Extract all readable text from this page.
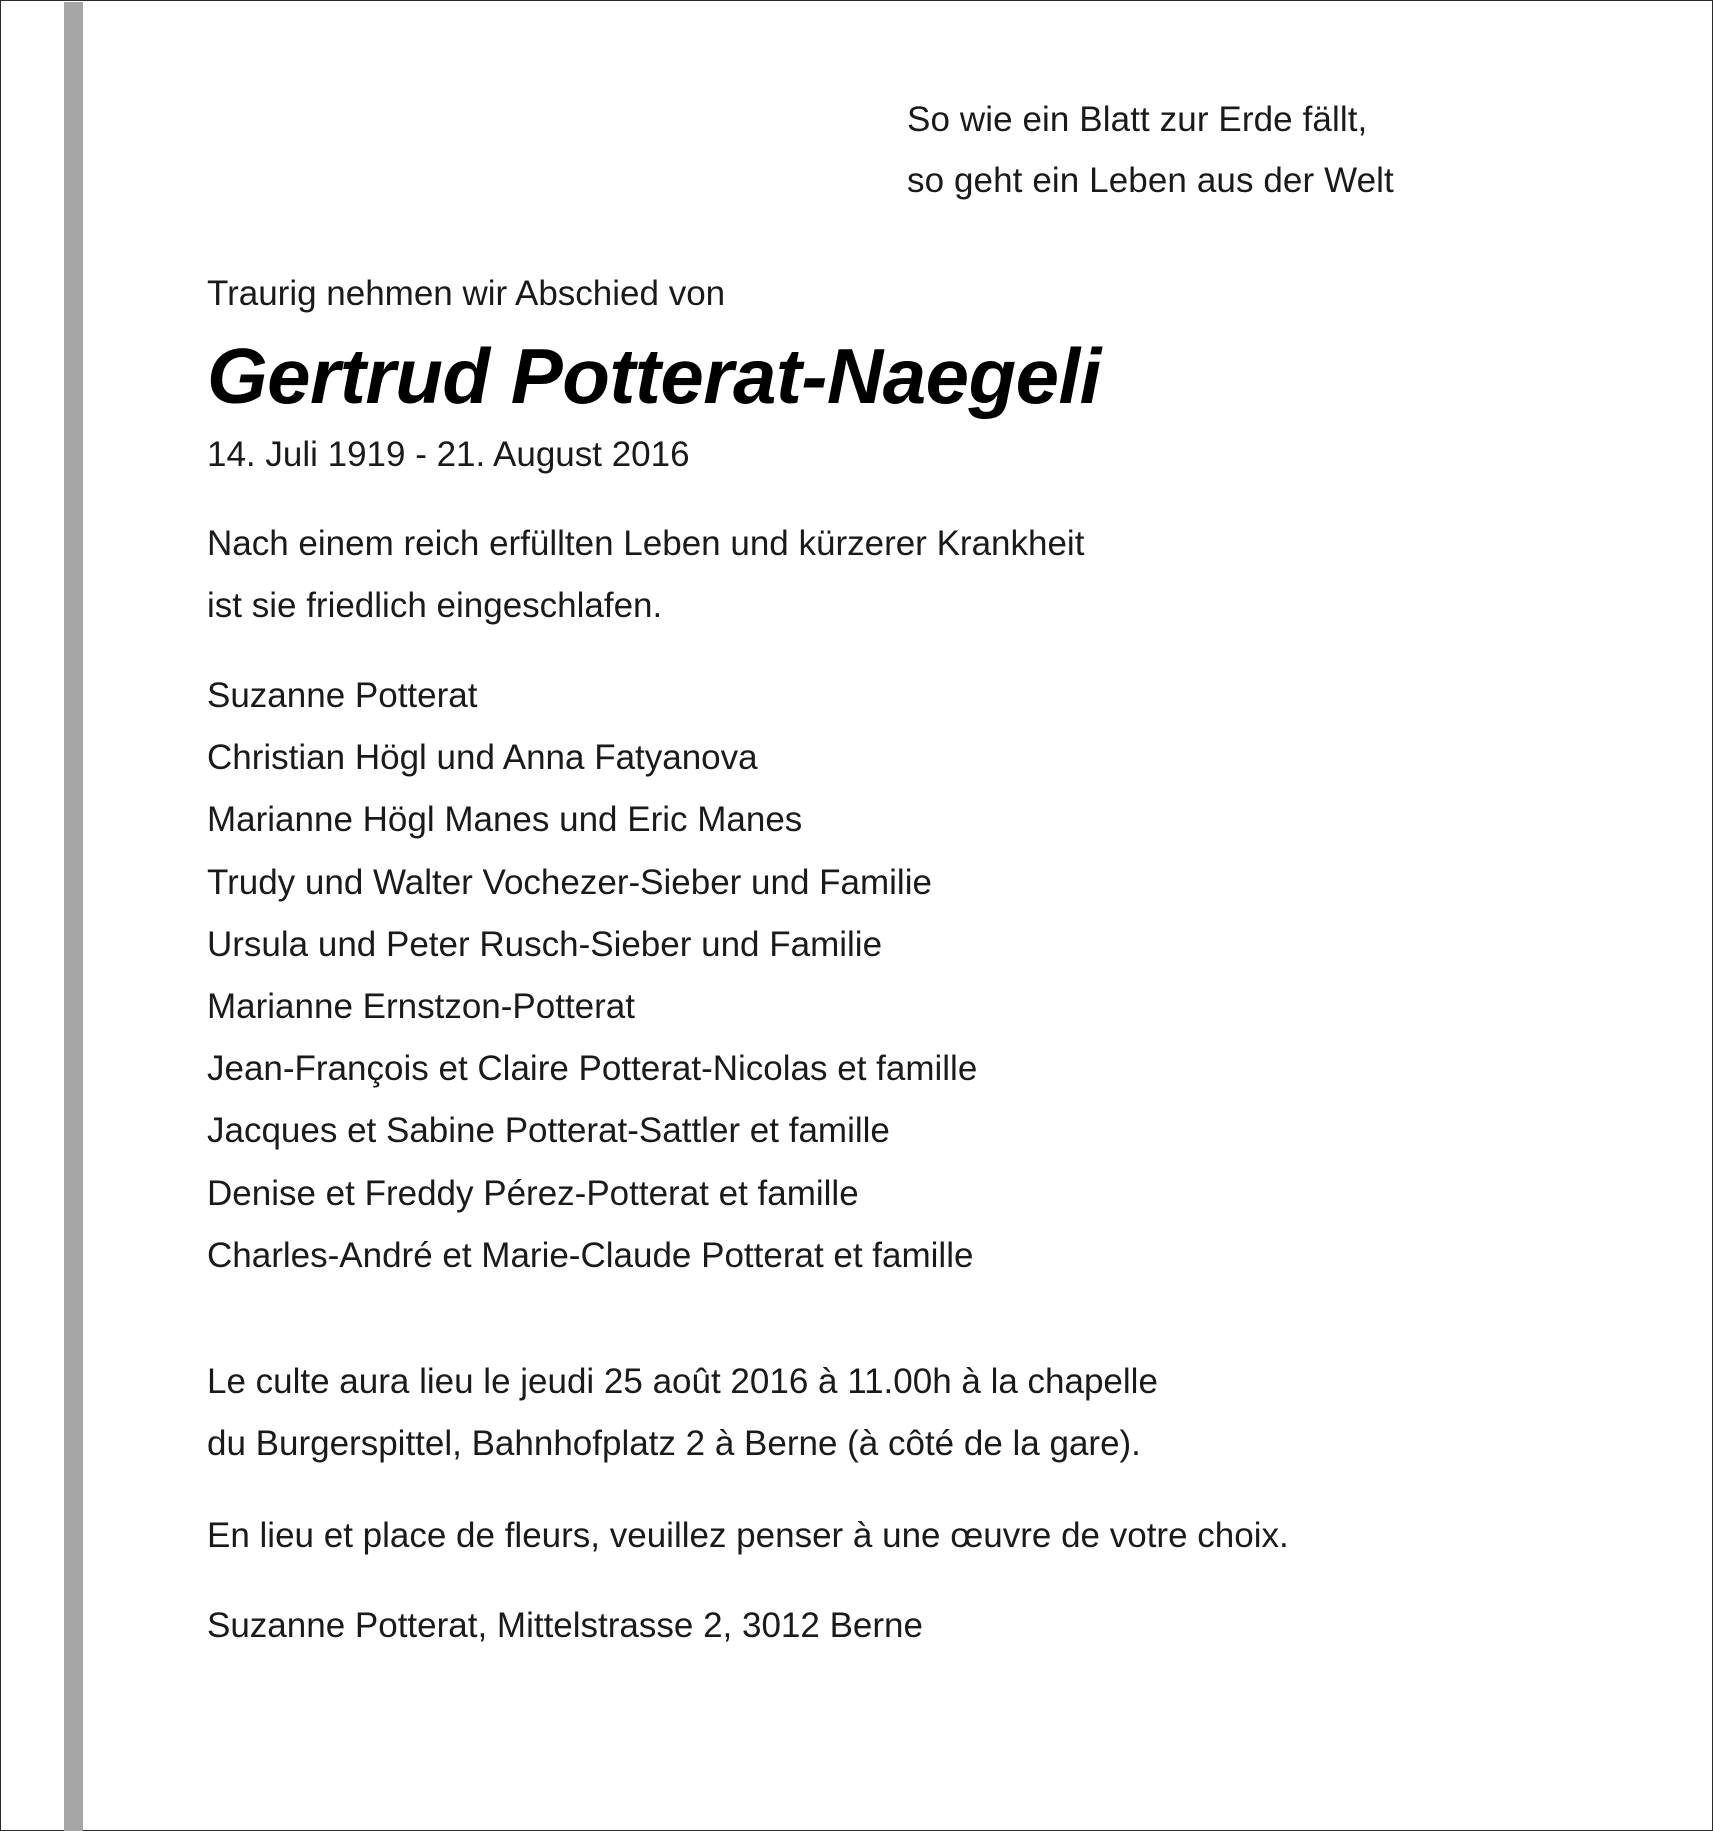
So wie ein Blatt zur Erde fällt,
so geht ein Leben aus der Welt

Traurig nehmen wir Abschied von

Gertrud Potterat-Naegeli

14. Juli 1919 - 21. August 2016

Nach einem reich erfüllten Leben und kürzerer Krankheit
ist sie friedlich eingeschlafen.
Suzanne Potterat
Christian Högl und Anna Fatyanova
Marianne Högl Manes und Eric Manes
Trudy und Walter Vochezer-Sieber und Familie
Ursula und Peter Rusch-Sieber und Familie
Marianne Ernstzon-Potterat
Jean-François et Claire Potterat-Nicolas et famille
Jacques et Sabine Potterat-Sattler et famille
Denise et Freddy Pérez-Potterat et famille
Charles-André et Marie-Claude Potterat et famille
Le culte aura lieu le jeudi 25 août 2016 à 11.00h à la chapelle
du Burgerspittel, Bahnhofplatz 2 à Berne (à côté de la gare).

En lieu et place de fleurs, veuillez penser à une œuvre de votre choix.

Suzanne Potterat, Mittelstrasse 2, 3012 Berne
